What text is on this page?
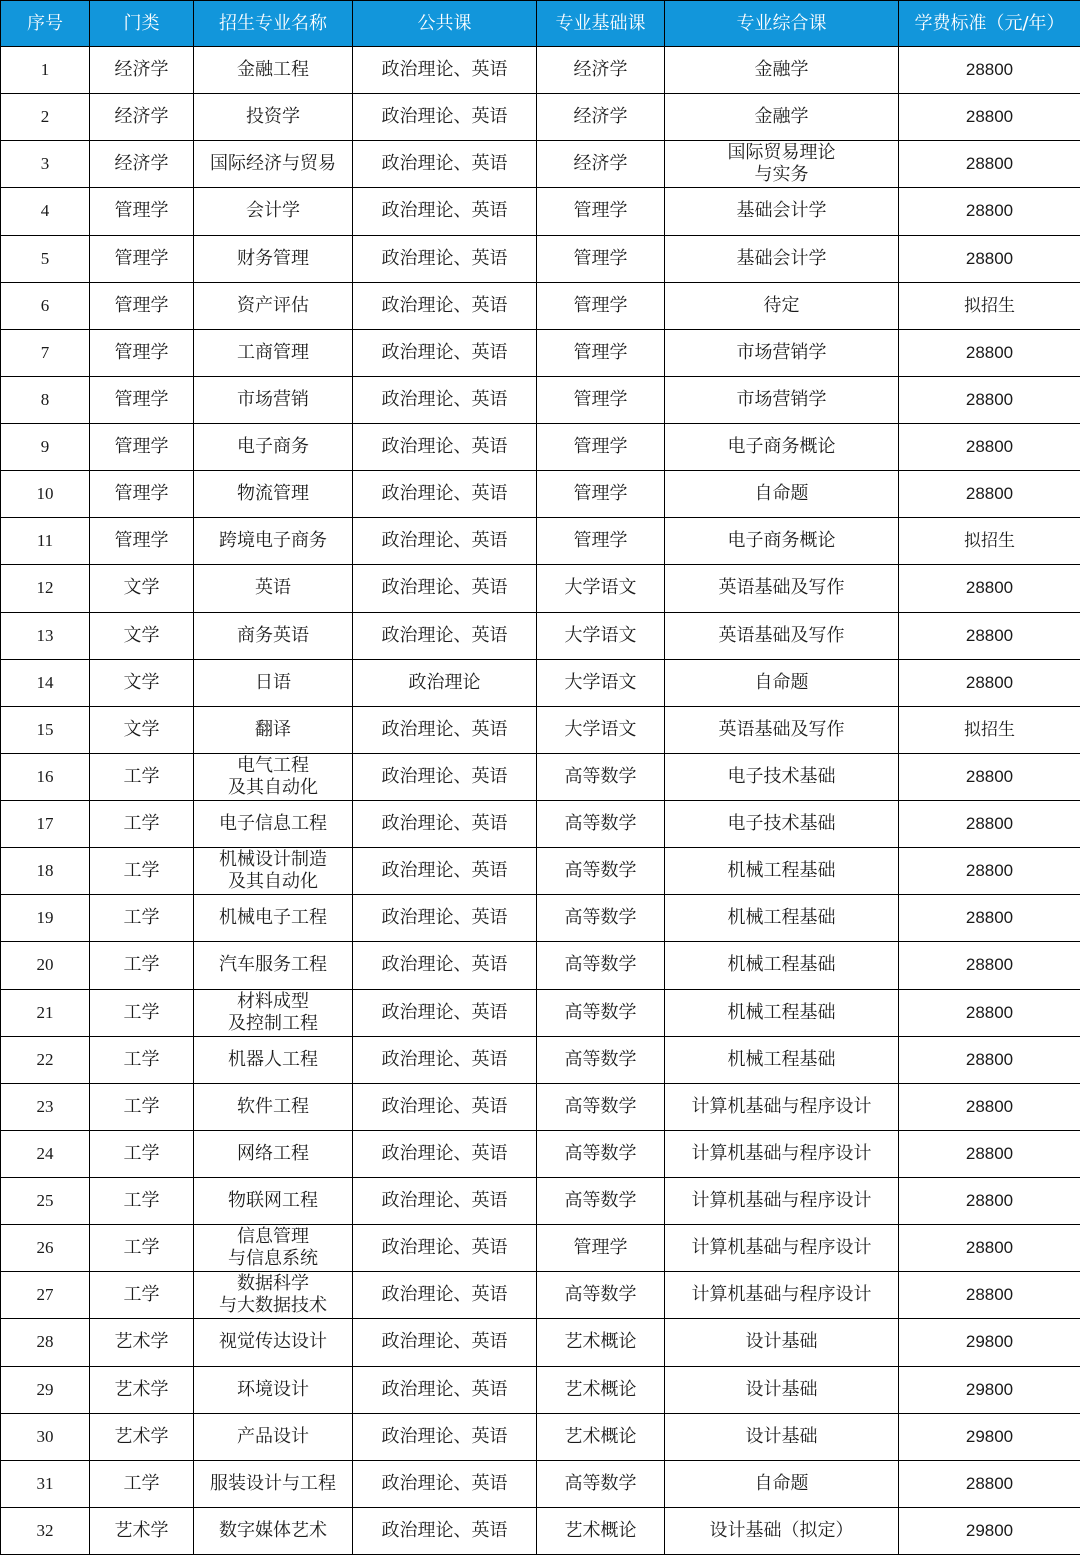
序号	门类	招生专业名称	公共课	专业基础课	专业综合课	学费标准（元/年）
1	经济学	金融工程	政治理论、英语	经济学	金融学	28800
2	经济学	投资学	政治理论、英语	经济学	金融学	28800
3	经济学	国际经济与贸易	政治理论、英语	经济学	国际贸易理论
与实务	28800
4	管理学	会计学	政治理论、英语	管理学	基础会计学	28800
5	管理学	财务管理	政治理论、英语	管理学	基础会计学	28800
6	管理学	资产评估	政治理论、英语	管理学	待定	拟招生
7	管理学	工商管理	政治理论、英语	管理学	市场营销学	28800
8	管理学	市场营销	政治理论、英语	管理学	市场营销学	28800
9	管理学	电子商务	政治理论、英语	管理学	电子商务概论	28800
10	管理学	物流管理	政治理论、英语	管理学	自命题	28800
11	管理学	跨境电子商务	政治理论、英语	管理学	电子商务概论	拟招生
12	文学	英语	政治理论、英语	大学语文	英语基础及写作	28800
13	文学	商务英语	政治理论、英语	大学语文	英语基础及写作	28800
14	文学	日语	政治理论	大学语文	自命题	28800
15	文学	翻译	政治理论、英语	大学语文	英语基础及写作	拟招生
16	工学	电气工程
及其自动化	政治理论、英语	高等数学	电子技术基础	28800
17	工学	电子信息工程	政治理论、英语	高等数学	电子技术基础	28800
18	工学	机械设计制造
及其自动化	政治理论、英语	高等数学	机械工程基础	28800
19	工学	机械电子工程	政治理论、英语	高等数学	机械工程基础	28800
20	工学	汽车服务工程	政治理论、英语	高等数学	机械工程基础	28800
21	工学	材料成型
及控制工程	政治理论、英语	高等数学	机械工程基础	28800
22	工学	机器人工程	政治理论、英语	高等数学	机械工程基础	28800
23	工学	软件工程	政治理论、英语	高等数学	计算机基础与程序设计	28800
24	工学	网络工程	政治理论、英语	高等数学	计算机基础与程序设计	28800
25	工学	物联网工程	政治理论、英语	高等数学	计算机基础与程序设计	28800
26	工学	信息管理
与信息系统	政治理论、英语	管理学	计算机基础与程序设计	28800
27	工学	数据科学
与大数据技术	政治理论、英语	高等数学	计算机基础与程序设计	28800
28	艺术学	视觉传达设计	政治理论、英语	艺术概论	设计基础	29800
29	艺术学	环境设计	政治理论、英语	艺术概论	设计基础	29800
30	艺术学	产品设计	政治理论、英语	艺术概论	设计基础	29800
31	工学	服装设计与工程	政治理论、英语	高等数学	自命题	28800
32	艺术学	数字媒体艺术	政治理论、英语	艺术概论	设计基础（拟定）	29800
